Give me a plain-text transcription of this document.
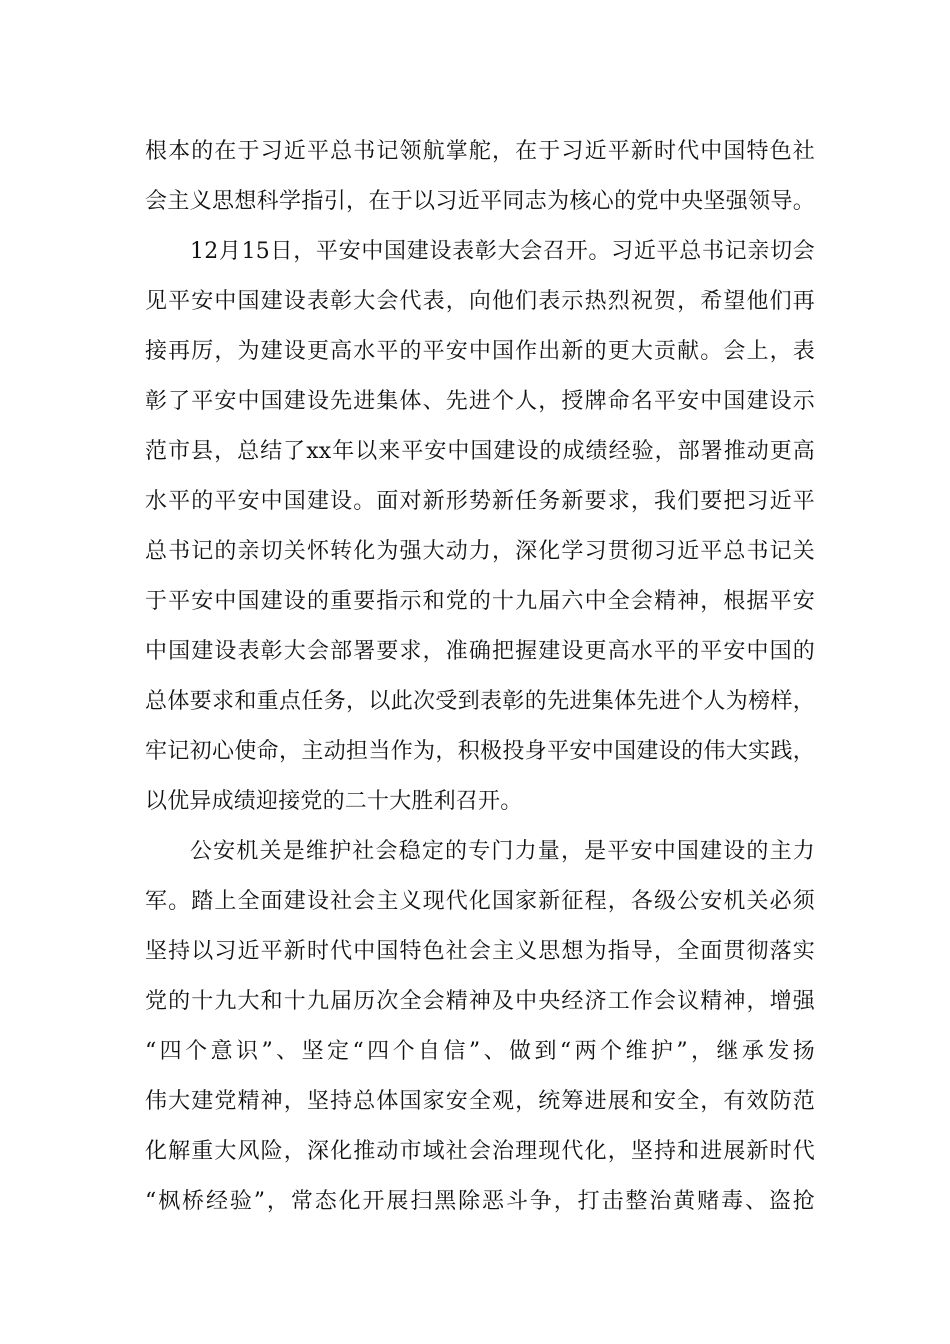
根本的在于习近平总书记领航掌舵，在于习近平新时代中国特色社
会主义思想科学指引，在于以习近平同志为核心的党中央坚强领导。
12月15日，平安中国建设表彰大会召开。习近平总书记亲切会
见平安中国建设表彰大会代表，向他们表示热烈祝贺，希望他们再
接再厉，为建设更高水平的平安中国作出新的更大贡献。会上，表
彰了平安中国建设先进集体、先进个人，授牌命名平安中国建设示
范市县，总结了xx年以来平安中国建设的成绩经验，部署推动更高
水平的平安中国建设。面对新形势新任务新要求，我们要把习近平
总书记的亲切关怀转化为强大动力，深化学习贯彻习近平总书记关
于平安中国建设的重要指示和党的十九届六中全会精神，根据平安
中国建设表彰大会部署要求，准确把握建设更高水平的平安中国的
总体要求和重点任务，以此次受到表彰的先进集体先进个人为榜样，
牢记初心使命，主动担当作为，积极投身平安中国建设的伟大实践，
以优异成绩迎接党的二十大胜利召开。
公安机关是维护社会稳定的专门力量，是平安中国建设的主力
军。踏上全面建设社会主义现代化国家新征程，各级公安机关必须
坚持以习近平新时代中国特色社会主义思想为指导，全面贯彻落实
党的十九大和十九届历次全会精神及中央经济工作会议精神，增强
“四个意识”、坚定“四个自信”、做到“两个维护”，继承发扬
伟大建党精神，坚持总体国家安全观，统筹进展和安全，有效防范
化解重大风险，深化推动市域社会治理现代化，坚持和进展新时代
“枫桥经验”，常态化开展扫黑除恶斗争，打击整治黄赌毒、盗抢
